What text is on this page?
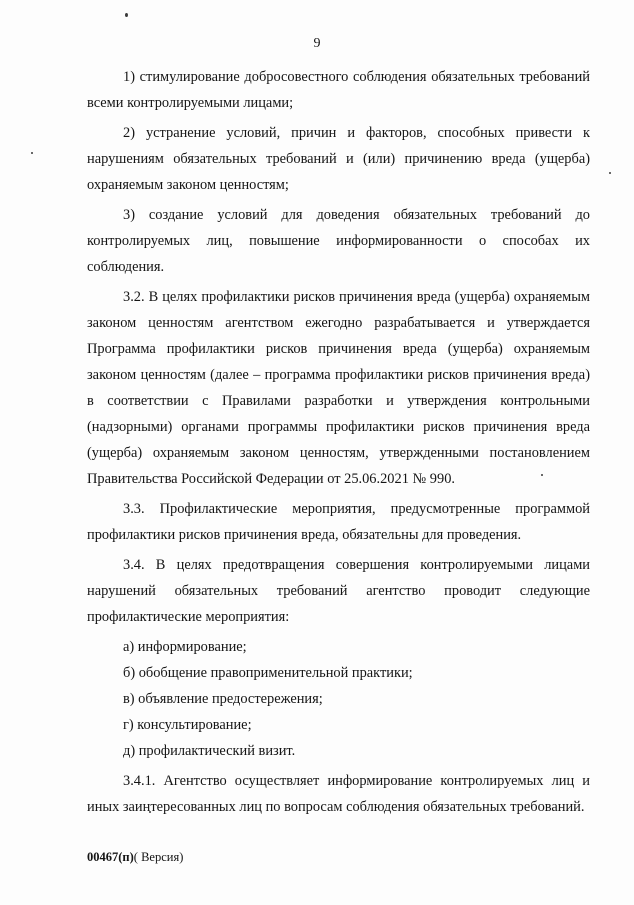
9

1) стимулирование добросовестного соблюдения обязательных требований всеми контролируемыми лицами;

2) устранение условий, причин и факторов, способных привести к нарушениям обязательных требований и (или) причинению вреда (ущерба) охраняемым законом ценностям;

3) создание условий для доведения обязательных требований до контролируемых лиц, повышение информированности о способах их соблюдения.

3.2. В целях профилактики рисков причинения вреда (ущерба) охраняемым законом ценностям агентством ежегодно разрабатывается и утверждается Программа профилактики рисков причинения вреда (ущерба) охраняемым законом ценностям (далее – программа профилактики рисков причинения вреда) в соответствии с Правилами разработки и утверждения контрольными (надзорными) органами программы профилактики рисков причинения вреда (ущерба) охраняемым законом ценностям, утвержденными постановлением Правительства Российской Федерации от 25.06.2021 № 990.

3.3. Профилактические мероприятия, предусмотренные программой профилактики рисков причинения вреда, обязательны для проведения.

3.4. В целях предотвращения совершения контролируемыми лицами нарушений обязательных требований агентство проводит следующие профилактические мероприятия:

а) информирование;

б) обобщение правоприменительной практики;

в) объявление предостережения;

г) консультирование;

д) профилактический визит.

3.4.1. Агентство осуществляет информирование контролируемых лиц и иных заинтересованных лиц по вопросам соблюдения обязательных требований.

00467(п)( Версия)
